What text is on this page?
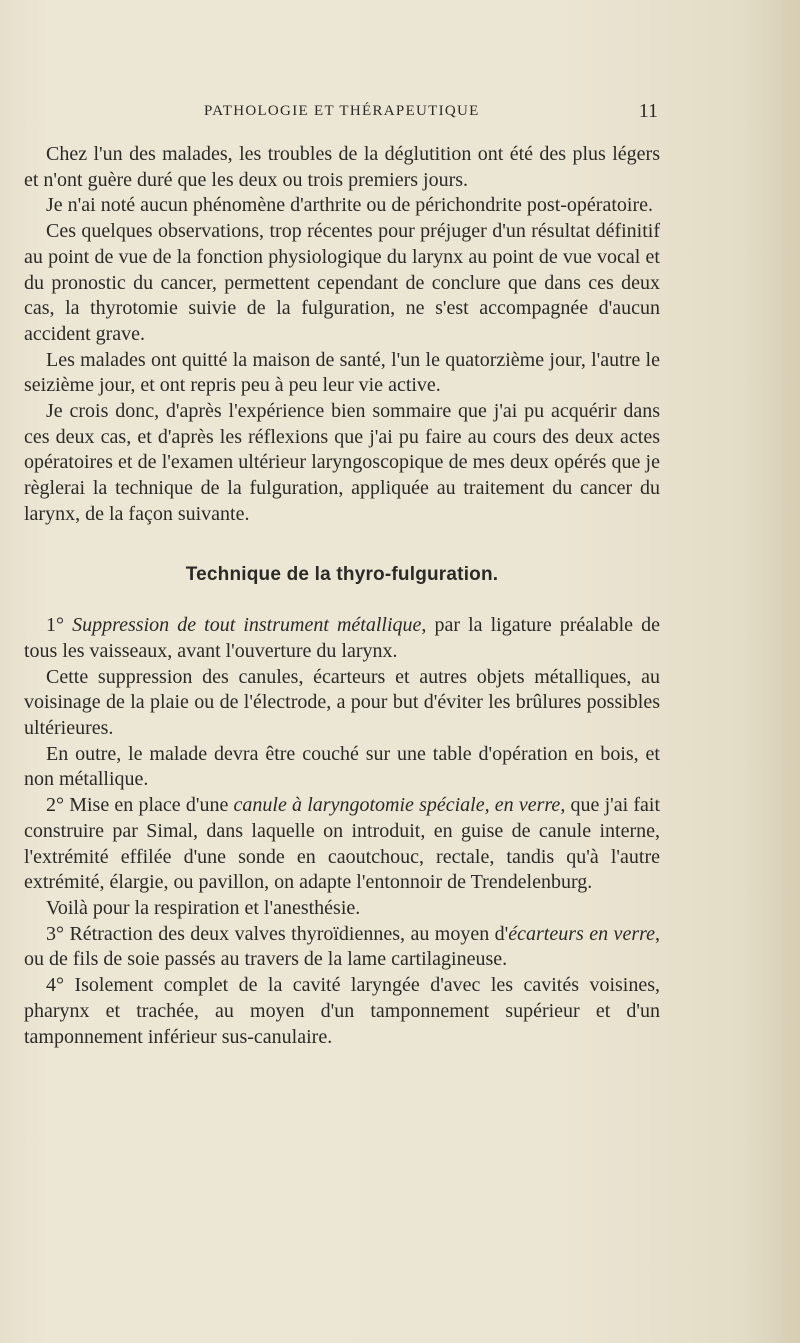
PATHOLOGIE ET THÉRAPEUTIQUE	11

Chez l'un des malades, les troubles de la déglutition ont été des plus légers et n'ont guère duré que les deux ou trois premiers jours.

Je n'ai noté aucun phénomène d'arthrite ou de périchondrite post-opératoire.

Ces quelques observations, trop récentes pour préjuger d'un résultat définitif au point de vue de la fonction physiologique du larynx au point de vue vocal et du pronostic du cancer, permettent cependant de conclure que dans ces deux cas, la thyrotomie suivie de la fulguration, ne s'est accompagnée d'aucun accident grave.

Les malades ont quitté la maison de santé, l'un le quatorzième jour, l'autre le seizième jour, et ont repris peu à peu leur vie active.

Je crois donc, d'après l'expérience bien sommaire que j'ai pu acquérir dans ces deux cas, et d'après les réflexions que j'ai pu faire au cours des deux actes opératoires et de l'examen ultérieur laryngoscopique de mes deux opérés que je règlerai la technique de la fulguration, appliquée au traitement du cancer du larynx, de la façon suivante.

Technique de la thyro-fulguration.

1° Suppression de tout instrument métallique, par la ligature préalable de tous les vaisseaux, avant l'ouverture du larynx.

Cette suppression des canules, écarteurs et autres objets métalliques, au voisinage de la plaie ou de l'électrode, a pour but d'éviter les brûlures possibles ultérieures.

En outre, le malade devra être couché sur une table d'opération en bois, et non métallique.

2° Mise en place d'une canule à laryngotomie spéciale, en verre, que j'ai fait construire par Simal, dans laquelle on introduit, en guise de canule interne, l'extrémité effilée d'une sonde en caoutchouc, rectale, tandis qu'à l'autre extrémité, élargie, ou pavillon, on adapte l'entonnoir de Trendelenburg.

Voilà pour la respiration et l'anesthésie.

3° Rétraction des deux valves thyroïdiennes, au moyen d'écarteurs en verre, ou de fils de soie passés au travers de la lame cartilagineuse.

4° Isolement complet de la cavité laryngée d'avec les cavités voisines, pharynx et trachée, au moyen d'un tamponnement supérieur et d'un tamponnement inférieur sus-canulaire.
